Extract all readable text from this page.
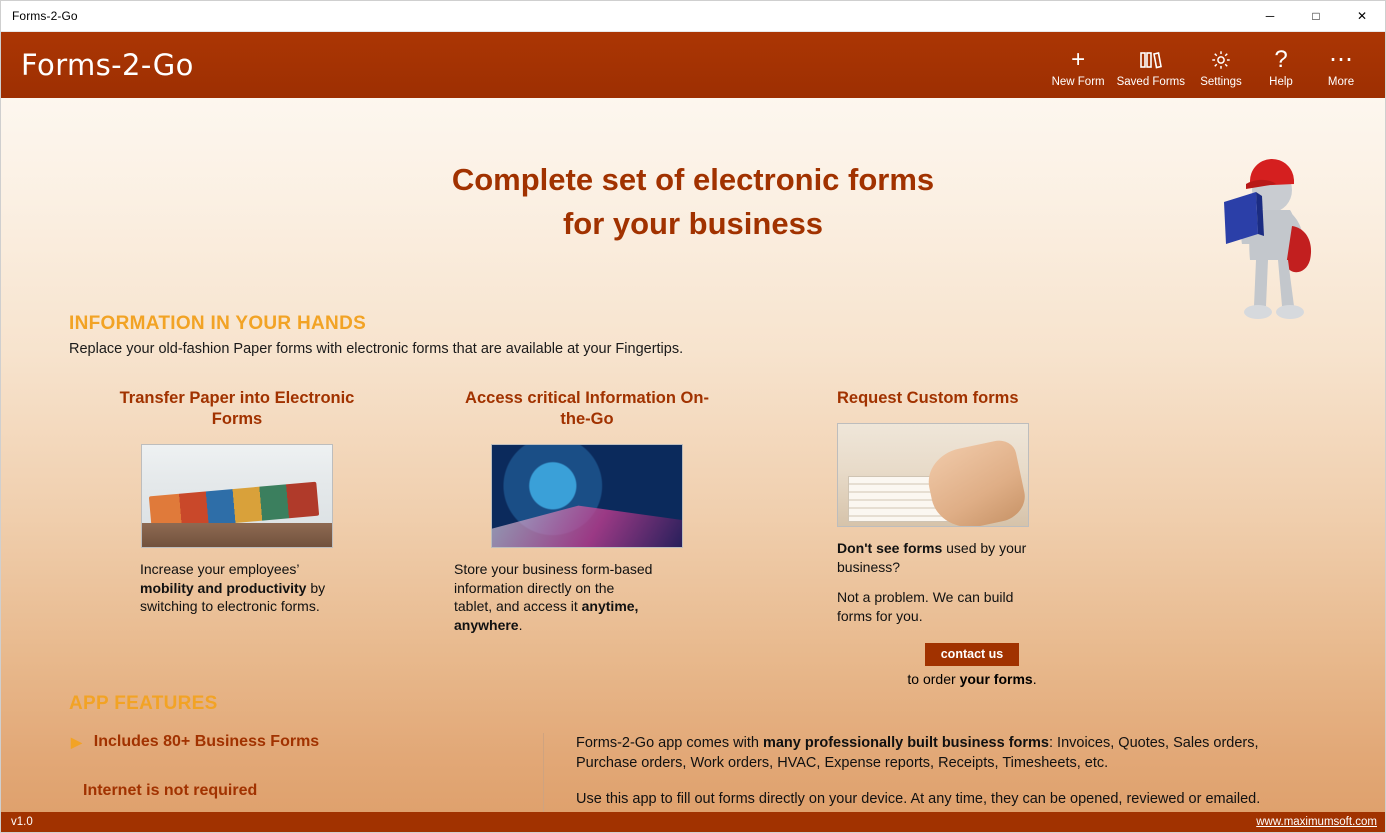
Forms-2-Go	─	□	✕
Forms-2-Go	+
New Form Saved Forms Settings
?
Help
⋯
More
Complete set of electronic forms
for your business
INFORMATION IN YOUR HANDS

Replace your old-fashion Paper forms with electronic forms that are available at your Fingertips.

Transfer Paper into Electronic Forms

Increase your employees’ mobility and productivity by switching to electronic forms.

Access critical Information On-the-Go

Store your business form-based information directly on the tablet, and access it anytime, anywhere.

Request Custom forms

Don't see forms used by your business?

Not a problem. We can build forms for you.

contact us
to order your forms.
APP FEATURES
▶ Includes 80+ Business Forms
Internet is not required

Forms-2-Go app comes with many professionally built business forms: Invoices, Quotes, Sales orders, Purchase orders, Work orders, HVAC, Expense reports, Receipts, Timesheets, etc.

Use this app to fill out forms directly on your device. At any time, they can be opened, reviewed or emailed.

v1.0	www.maximumsoft.com
